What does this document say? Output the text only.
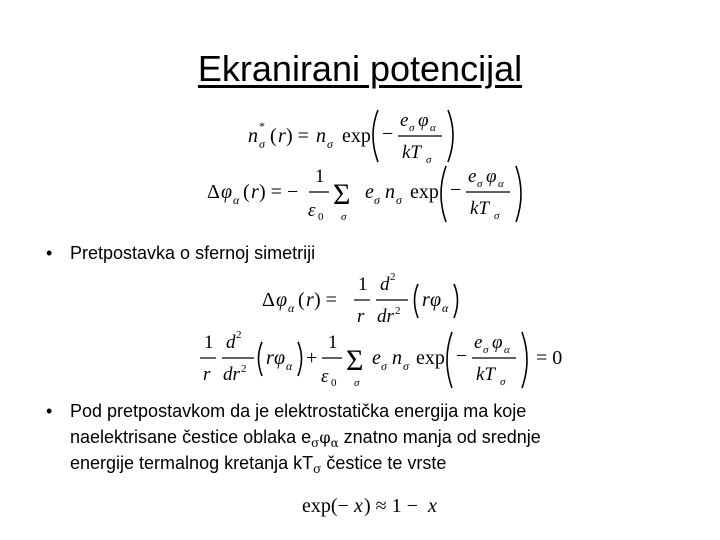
Ekranirani potencijal
n *
σ ( r ) = n σ exp −
e σ φ α
kT σ
Δ φ α ( r ) = −
1
ε 0
Σ
σ
e σ n σ exp −
e σ φ α
kT σ
• Pretpostavka o sfernoj simetriji
Δ φ α ( r ) =
1
r
d 2
dr 2 r φ α
1
r
d 2
dr 2 r φ α +
1
ε 0
Σ
σ
e σ n σ exp −
e σ φ α
kT σ
= 0
• Pod pretpostavkom da je elektrostatička energija ma koje
naelektrisane čestice oblaka $e_\sigma\varphi_\alpha$ znatno manja od srednje
energije termalnog kretanja $kT_\sigma$ čestice te vrste
exp(− x ) ≈ 1 − x
